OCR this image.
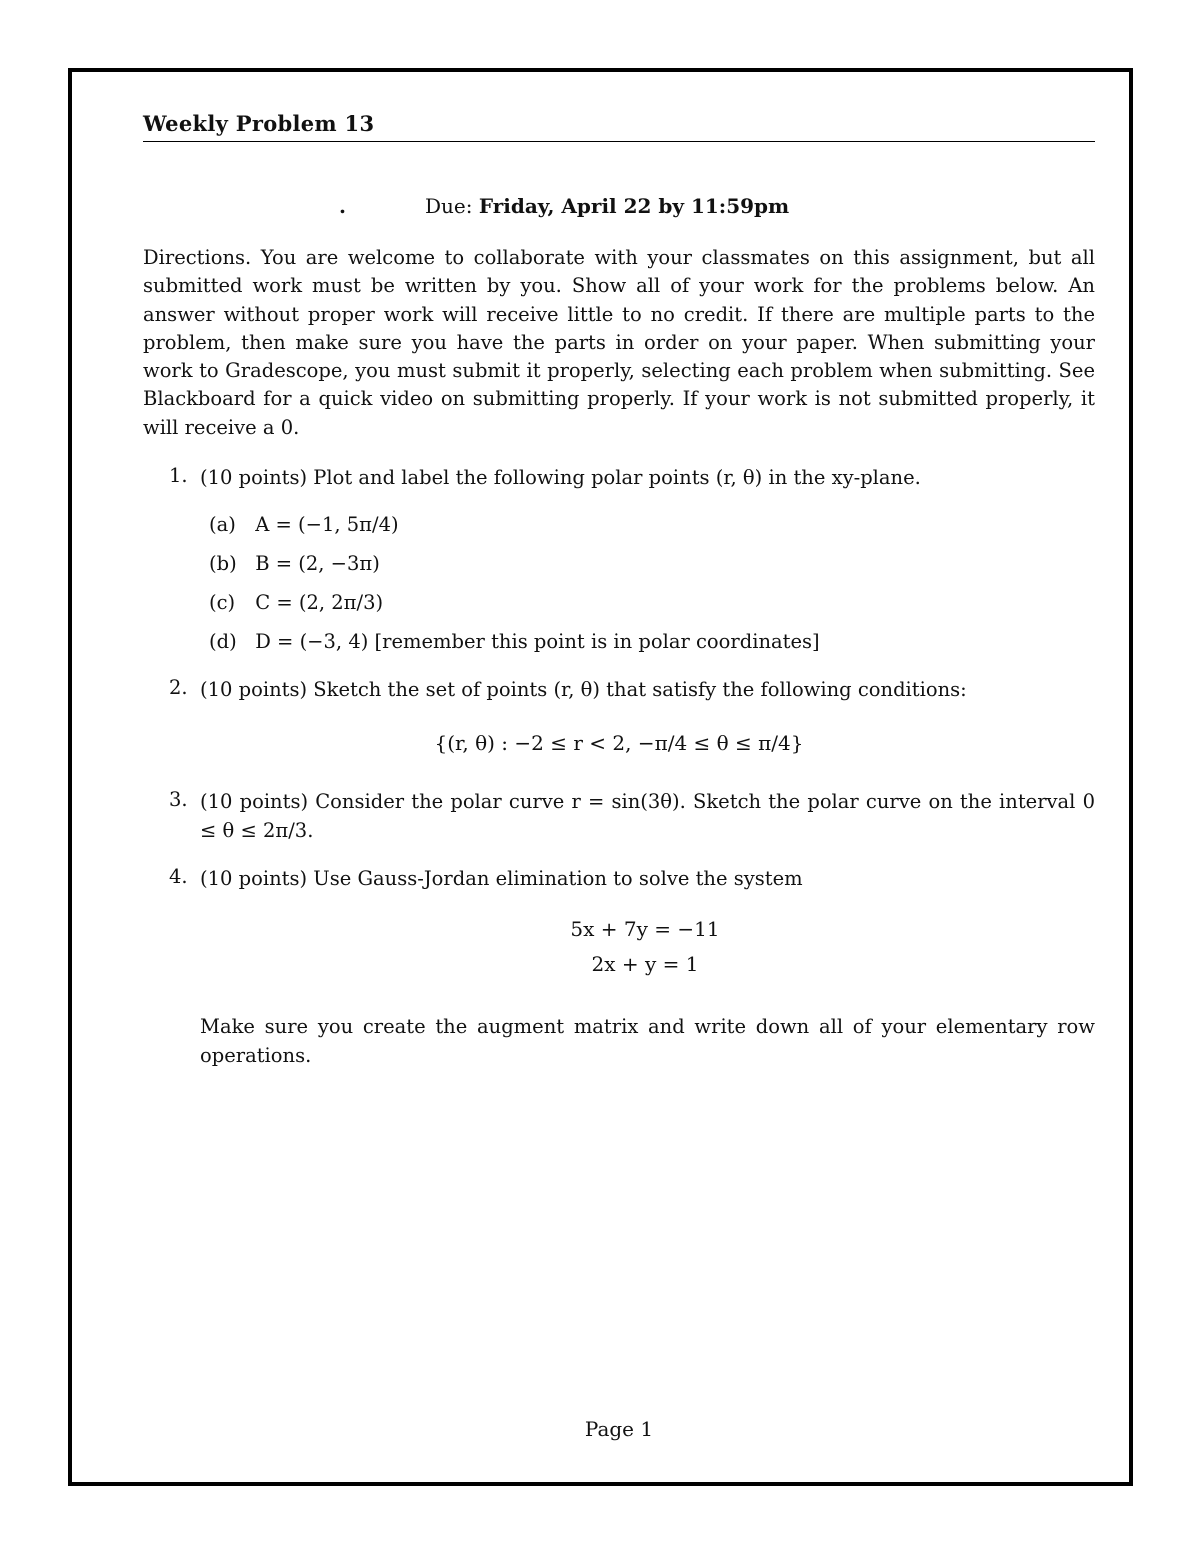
Weekly Problem 13
.	Due: Friday, April 22 by 11:59pm

Directions. You are welcome to collaborate with your classmates on this assignment, but all submitted work must be written by you. Show all of your work for the problems below. An answer without proper work will receive little to no credit. If there are multiple parts to the problem, then make sure you have the parts in order on your paper. When submitting your work to Gradescope, you must submit it properly, selecting each problem when submitting. See Blackboard for a quick video on submitting properly. If your work is not submitted properly, it will receive a 0.

1. (10 points) Plot and label the following polar points (r, θ) in the xy-plane.
(a) A = (−1, 5π/4)
(b) B = (2, −3π)
(c) C = (2, 2π/3)
(d) D = (−3, 4) [remember this point is in polar coordinates]
2. (10 points) Sketch the set of points (r, θ) that satisfy the following conditions:
{(r, θ) : −2 ≤ r < 2, −π/4 ≤ θ ≤ π/4}
3. (10 points) Consider the polar curve r = sin(3θ). Sketch the polar curve on the interval 0 ≤ θ ≤ 2π/3.
4. (10 points) Use Gauss-Jordan elimination to solve the system
5x + 7y = −11
2x + y = 1
Make sure you create the augment matrix and write down all of your elementary row operations.
Page 1
